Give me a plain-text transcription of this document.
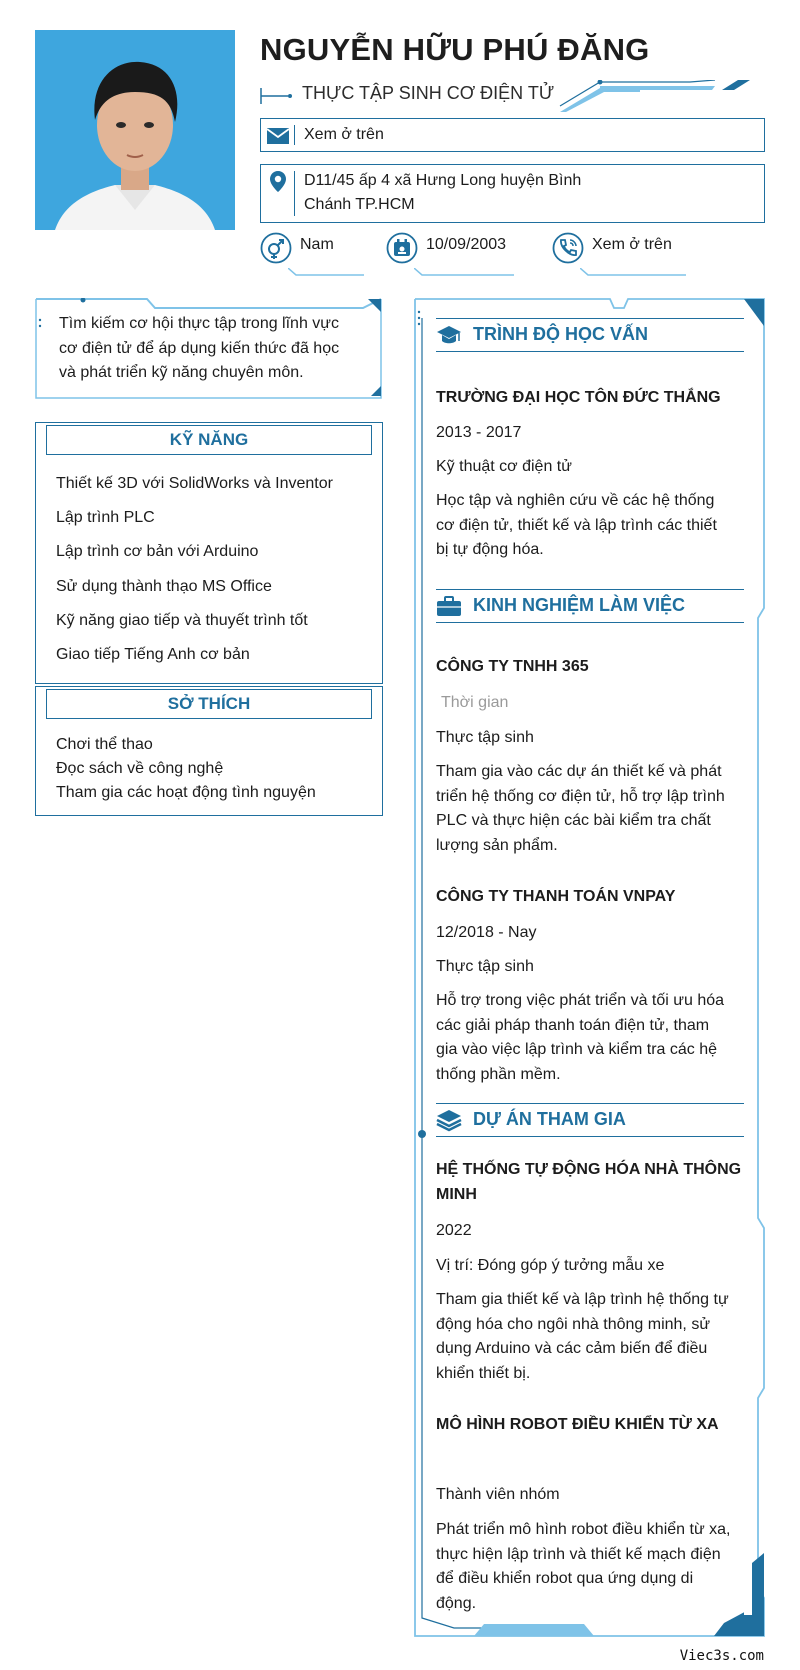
NGUYỄN HỮU PHÚ ĐĂNG
THỰC TẬP SINH CƠ ĐIỆN TỬ
Xem ở trên
D11/45 ấp 4 xã Hưng Long huyện Bình
Chánh TP.HCM
Nam	10/09/2003	Xem ở trên
Tìm kiếm cơ hội thực tập trong lĩnh vực
cơ điện tử để áp dụng kiến thức đã học
và phát triển kỹ năng chuyên môn.
KỸ NĂNG
Thiết kế 3D với SolidWorks và Inventor
Lập trình PLC
Lập trình cơ bản với Arduino
Sử dụng thành thạo MS Office
Kỹ năng giao tiếp và thuyết trình tốt
Giao tiếp Tiếng Anh cơ bản
SỞ THÍCH
Chơi thể thao
Đọc sách về công nghệ
Tham gia các hoạt động tình nguyện
TRÌNH ĐỘ HỌC VẤN
TRƯỜNG ĐẠI HỌC TÔN ĐỨC THẮNG
2013 - 2017
Kỹ thuật cơ điện tử
Học tập và nghiên cứu về các hệ thống
cơ điện tử, thiết kế và lập trình các thiết
bị tự động hóa.
KINH NGHIỆM LÀM VIỆC
CÔNG TY TNHH 365
Thời gian
Thực tập sinh
Tham gia vào các dự án thiết kế và phát
triển hệ thống cơ điện tử, hỗ trợ lập trình
PLC và thực hiện các bài kiểm tra chất
lượng sản phẩm.
CÔNG TY THANH TOÁN VNPAY
12/2018 - Nay
Thực tập sinh
Hỗ trợ trong việc phát triển và tối ưu hóa
các giải pháp thanh toán điện tử, tham
gia vào việc lập trình và kiểm tra các hệ
thống phần mềm.
DỰ ÁN THAM GIA
HỆ THỐNG TỰ ĐỘNG HÓA NHÀ THÔNG
MINH
2022
Vị trí: Đóng góp ý tưởng mẫu xe
Tham gia thiết kế và lập trình hệ thống tự
động hóa cho ngôi nhà thông minh, sử
dụng Arduino và các cảm biến để điều
khiển thiết bị.
MÔ HÌNH ROBOT ĐIỀU KHIỂN TỪ XA
Thành viên nhóm
Phát triển mô hình robot điều khiển từ xa,
thực hiện lập trình và thiết kế mạch điện
để điều khiển robot qua ứng dụng di
động.
Viec3s.com
